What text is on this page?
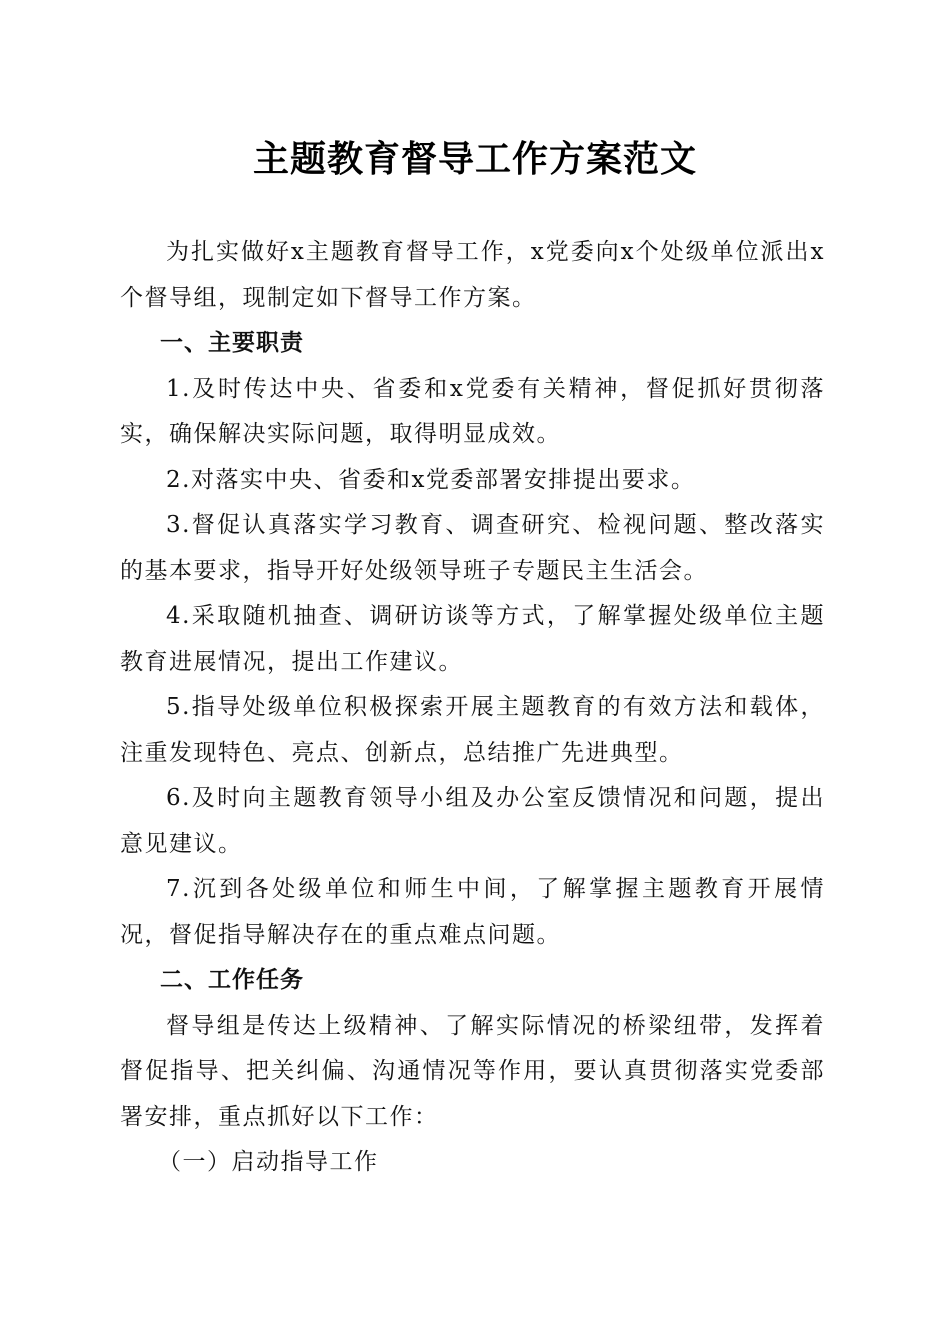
主题教育督导工作方案范文

为扎实做好x主题教育督导工作，x党委向x个处级单位派出x个督导组，现制定如下督导工作方案。

一、主要职责

1.及时传达中央、省委和x党委有关精神，督促抓好贯彻落实，确保解决实际问题，取得明显成效。

2.对落实中央、省委和x党委部署安排提出要求。

3.督促认真落实学习教育、调查研究、检视问题、整改落实的基本要求，指导开好处级领导班子专题民主生活会。

4.采取随机抽查、调研访谈等方式，了解掌握处级单位主题教育进展情况，提出工作建议。

5.指导处级单位积极探索开展主题教育的有效方法和载体，注重发现特色、亮点、创新点，总结推广先进典型。

6.及时向主题教育领导小组及办公室反馈情况和问题，提出意见建议。

7.沉到各处级单位和师生中间，了解掌握主题教育开展情况，督促指导解决存在的重点难点问题。

二、工作任务

督导组是传达上级精神、了解实际情况的桥梁纽带，发挥着督促指导、把关纠偏、沟通情况等作用，要认真贯彻落实党委部署安排，重点抓好以下工作：

（一）启动指导工作
